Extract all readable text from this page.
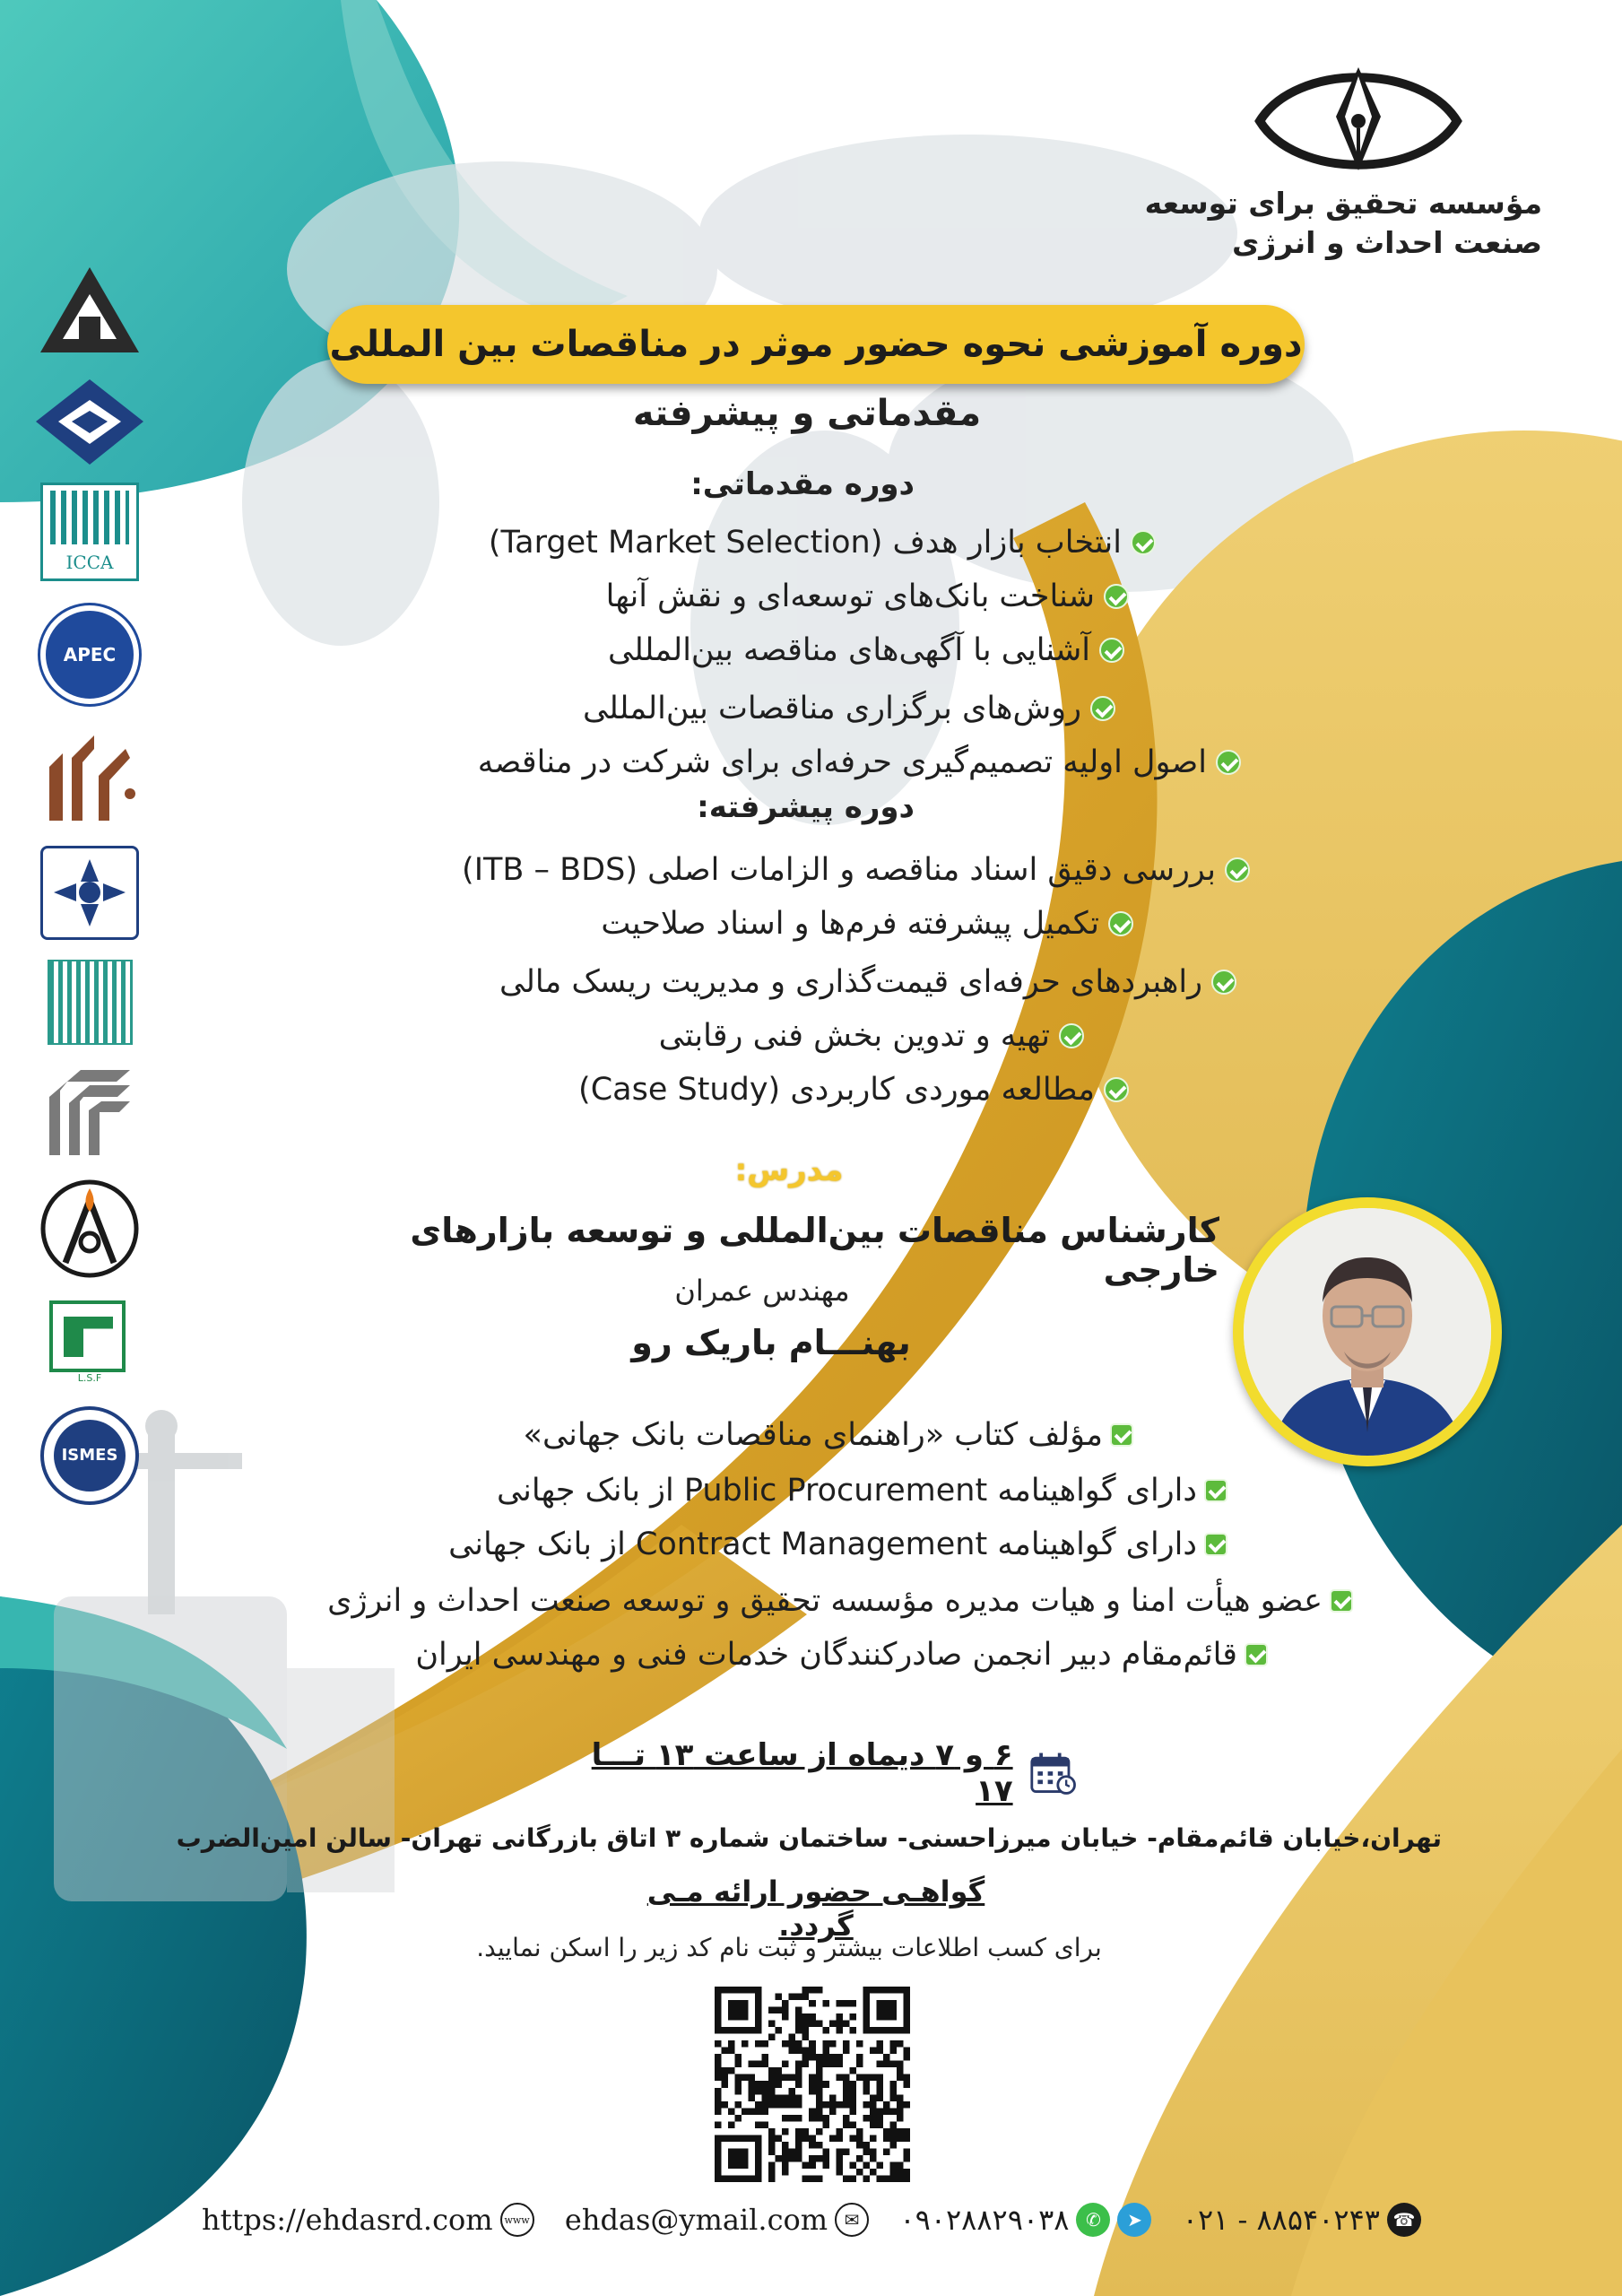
مؤسسه تحقیق برای توسعه
صنعت احداث و انرژی
دوره آموزشی نحوه حضور موثر در مناقصات بین المللی
مقدماتی و پیشرفته
دوره مقدماتی:
انتخاب بازار هدف (Target Market Selection)
شناخت بانک‌های توسعه‌ای و نقش آنها
آشنایی با آگهی‌های مناقصه بین‌المللی
روش‌های برگزاری مناقصات بین‌المللی
اصول اولیه تصمیم‌گیری حرفه‌ای برای شرکت در مناقصه
دوره پیشرفته:
بررسی دقیق اسناد مناقصه و الزامات اصلی (ITB – BDS)
تکمیل پیشرفته فرم‌ها و اسناد صلاحیت
راهبردهای حرفه‌ای قیمت‌گذاری و مدیریت ریسک مالی
تهیه و تدوین بخش فنی رقابتی
مطالعه موردی کاربردی (Case Study)
مدرس:
کارشناس مناقصات بین‌المللی و توسعه بازارهای خارجی
مهندس عمران
بهنـــام باریک رو
مؤلف کتاب «راهنمای مناقصات بانک جهانی»
دارای گواهینامه Public Procurement از بانک جهانی
دارای گواهینامه Contract Management از بانک جهانی
عضو هیأت امنا و هیات مدیره مؤسسه تحقیق و توسعه صنعت احداث و انرژی
قائم‌مقام دبیر انجمن صادرکنندگان خدمات فنی و مهندسی ایران
۶ و ۷ دیماه از ساعت ۱۳ تـــا ۱۷
تهران،خیابان قائم‌مقام- خیابان میرزاحسنی- ساختمان شماره ۳ اتاق بازرگانی تهران- سالن امین‌الضرب
گواهـی حضور ارائه مـی گردد.
برای کسب اطلاعات بیشتر و ثبت نام کد زیر را اسکن نمایید.
https://ehdasrd.com	www ehdas@ymail.com ✉	۰۹۰۲۸۸۲۹۰۳۸ ✆	➤	۰۲۱ - ۸۸۵۴۰۲۴۳ ☎
ICCA
APEC
L.S.F
ISMES
